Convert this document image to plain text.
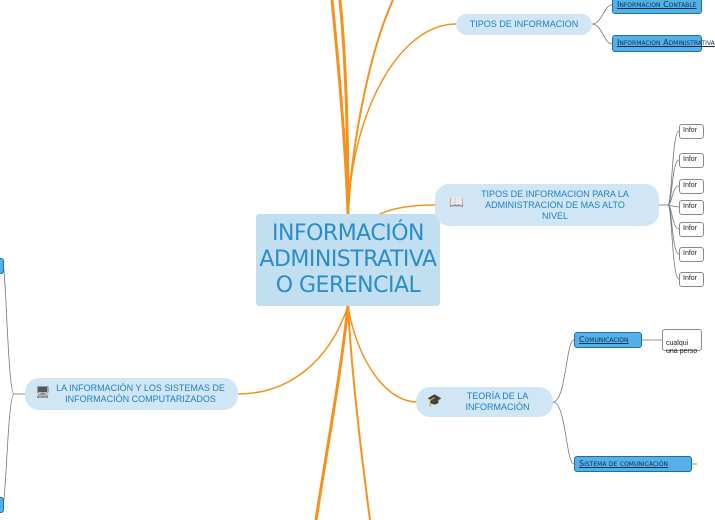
INFORMACIÓN
ADMINISTRATIVA
O GERENCIAL
TIPOS DE INFORMACION
📖
TIPOS DE INFORMACION PARA LA ADMINISTRACION DE MAS ALTO NIVEL
🎓	TEORÍA DE LA INFORMACIÓN
🖥 LA INFORMACIÓN Y LOS SISTEMAS DE INFORMACIÓN COMPUTARIZADOS
Informacion Contable
Informacion Administrativa
Comunicacion
Sistema de comunicación
Infor
Infor
Infor
Infor
Infor
Infor
Infor

cualqui
una perso
